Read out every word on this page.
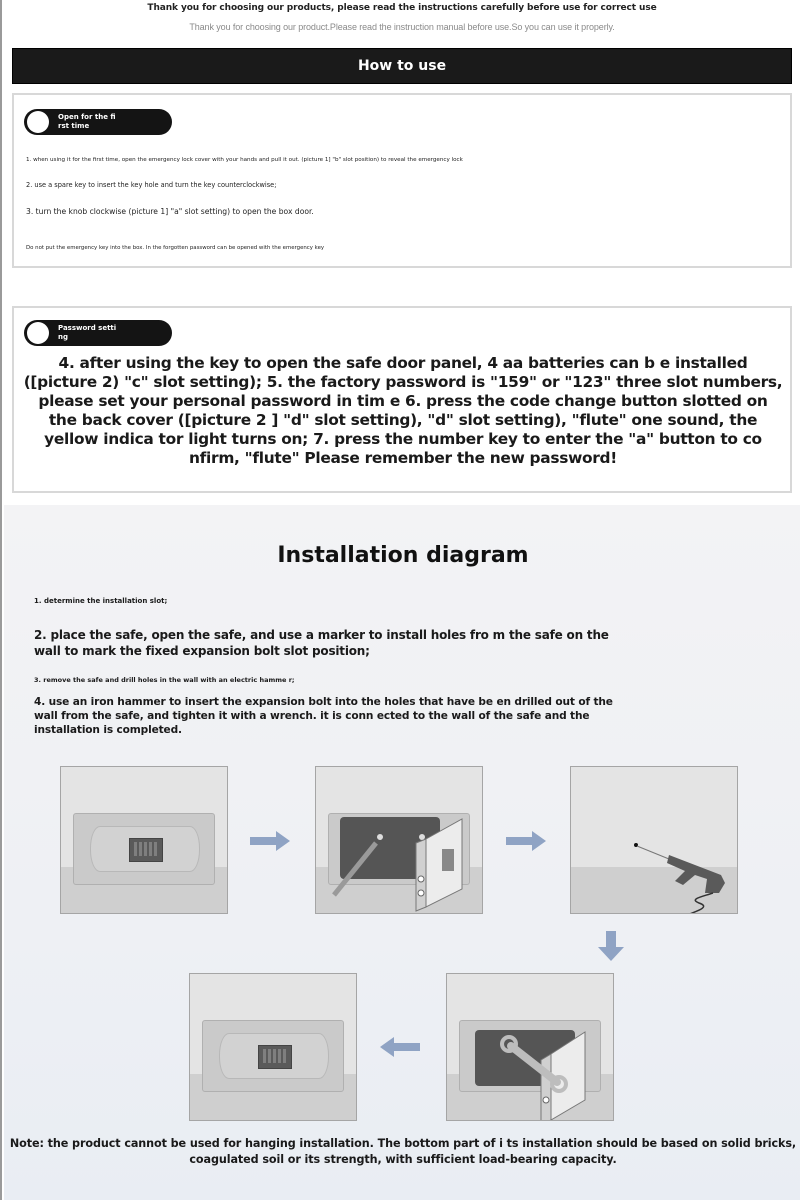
Thank you for choosing our products, please read the instructions carefully before use for correct use
Thank you for choosing our product.Please read the instruction manual before use.So you can use it properly.
How to use
Open for the fi rst time
1. when using it for the first time, open the emergency lock cover with your hands and pull it out. (picture 1] "b" slot position) to reveal the emergency lock
2. use a spare key to insert the key hole and turn the key counterclockwise;
3. turn the knob clockwise (picture 1] "a" slot setting) to open the box door.
Do not put the emergency key into the box. In the forgotten password can be opened with the emergency key
Password setti ng
4. after using the key to open the safe door panel, 4 aa batteries can b e installed ([picture 2) "c" slot setting); 5. the factory password is "159" or "123" three slot numbers, please set your personal password in tim e 6. press the code change button slotted on the back cover ([picture 2 ] "d" slot setting), "d" slot setting), "flute" one sound, the yellow indica tor light turns on; 7. press the number key to enter the "a" button to co nfirm, "flute" Please remember the new password!
Installation diagram
1. determine the installation slot;
2. place the safe, open the safe, and use a marker to install holes fro m the safe on the wall to mark the fixed expansion bolt slot position;
3. remove the safe and drill holes in the wall with an electric hamme r;
4. use an iron hammer to insert the expansion bolt into the holes that have be en drilled out of the wall from the safe, and tighten it with a wrench. it is conn ected to the wall of the safe and the installation is completed.
Note: the product cannot be used for hanging installation. The bottom part of i ts installation should be based on solid bricks, coagulated soil or its strength, with sufficient load-bearing capacity.
